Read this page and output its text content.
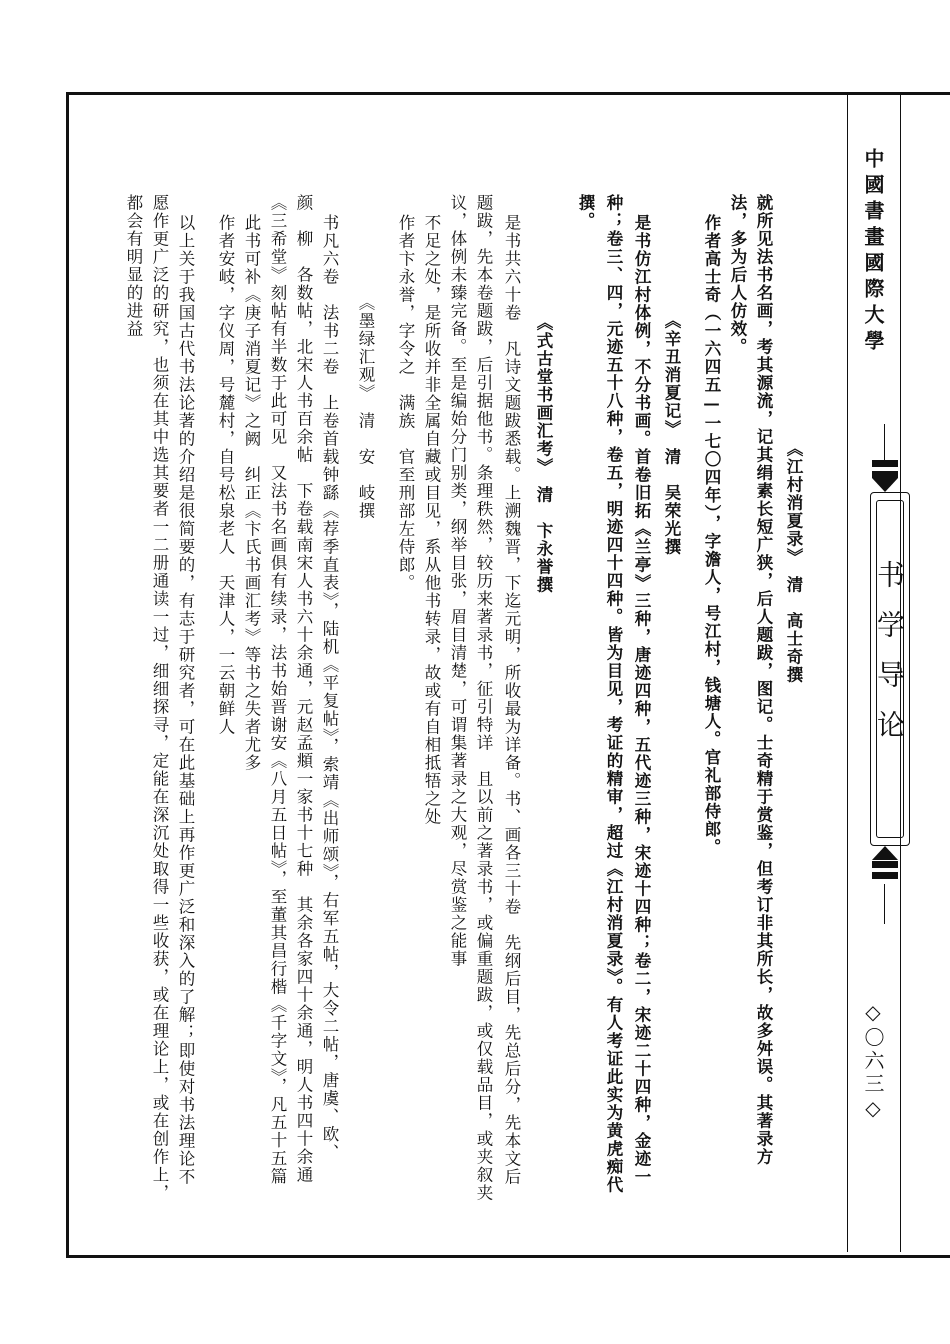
中國書畫國際大學
书学导论
◇〇六三◇
《江村消夏录》　清　高士奇撰
就所见法书名画，考其源流，记其绢素长短广狭，后人题跋，图记。士奇精于赏鉴，但考订非其所长，故多舛误。其著录方
法，多为后人仿效。
作者高士奇（一六四五—一七〇四年），字澹人，号江村，钱塘人。官礼部侍郎。
《辛丑消夏记》　清　吴荣光撰
是书仿江村体例，不分书画。首卷旧拓《兰亭》三种，唐迹四种，五代迹三种，宋迹十四种；卷二，宋迹二十四种，金迹一
种；卷三、四，元迹五十八种，卷五，明迹四十四种。皆为目见，考证的精审，超过《江村消夏录》。有人考证此实为黄虎痴代
撰。
《式古堂书画汇考》　清　卞永誉撰
是书共六十卷　凡诗文题跋悉载。上溯魏晋，下迄元明，所收最为详备。书、画各三十卷　先纲后目，先总后分，先本文后
题跋，先本卷题跋，后引据他书。条理秩然，较历来著录书，征引特详　且以前之著录书，或偏重题跋，或仅载品目，或夹叙夹
议，体例未臻完备。至是编始分门别类，纲举目张，眉目清楚，可谓集著录之大观，尽赏鉴之能事
不足之处，是所收并非全属自藏或目见，系从他书转录，故或有自相抵牾之处
作者卞永誉，字令之　满族　官至刑部左侍郎。
《墨绿汇观》　清　安　岐撰
书凡六卷　法书二卷　上卷首载钟繇《荐季直表》，陆机《平复帖》，索靖《出师颂》，右军五帖，大令二帖，唐虞、欧、
颜　柳　各数帖，北宋人书百余帖　下卷载南宋人书六十余通，元赵孟頫一家书十七种　其余各家四十余通，明人书四十余通
《三希堂》刻帖有半数于此可见　又法书名画俱有续录，法书始晋谢安《八月五日帖》，至董其昌行楷《千字文》，凡五十五篇
此书可补《庚子消夏记》之阙　纠正《卞氏书画汇考》等书之失者尤多
作者安岐，字仪周，号麓村，自号松泉老人　天津人，一云朝鲜人
以上关于我国古代书法论著的介绍是很简要的，有志于研究者，可在此基础上再作更广泛和深入的了解；即使对书法理论不
愿作更广泛的研究，也须在其中选其要者一二册通读一过，细细探寻，定能在深沉处取得一些收获，或在理论上，或在创作上，
都会有明显的进益
